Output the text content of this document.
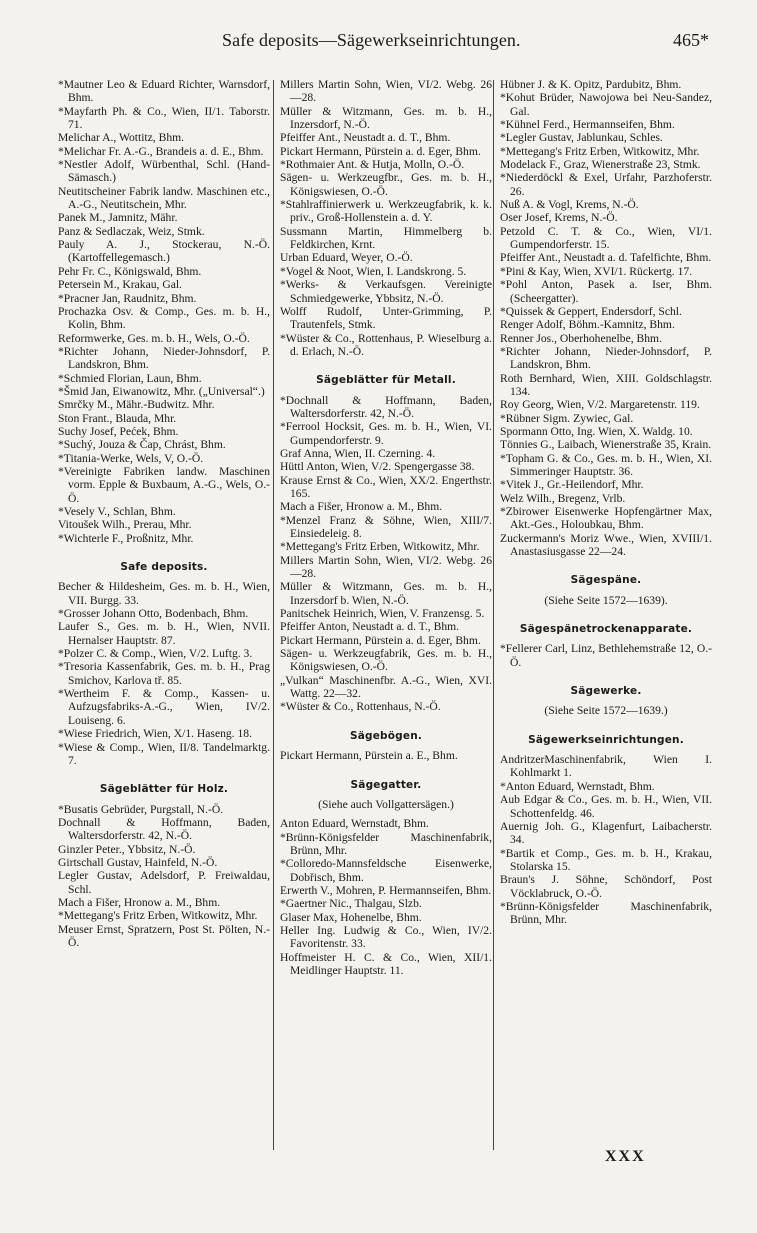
Safe deposits—Sägewerkseinrichtungen.	465*
*Mautner Leo & Eduard Richter, Warnsdorf, Bhm.
*Mayfarth Ph. & Co., Wien, II/1. Taborstr. 71.
Melichar A., Wottitz, Bhm.
*Melichar Fr. A.-G., Brandeis a. d. E., Bhm.
*Nestler Adolf, Würbenthal, Schl. (Hand-Sämasch.)
Neutitscheiner Fabrik landw. Maschinen etc., A.-G., Neutitschein, Mhr.
Panek M., Jamnitz, Mähr.
Panz & Sedlaczak, Weiz, Stmk.
Pauly A. J., Stockerau, N.-Ö. (Kartoffellegemasch.)
Pehr Fr. C., Königswald, Bhm.
Petersein M., Krakau, Gal.
*Pracner Jan, Raudnitz, Bhm.
Prochazka Osv. & Comp., Ges. m. b. H., Kolin, Bhm.
Reformwerke, Ges. m. b. H., Wels, O.-Ö.
*Richter Johann, Nieder-Johnsdorf, P. Landskron, Bhm.
*Schmied Florian, Laun, Bhm.
*Šmid Jan, Eiwanowitz, Mhr. („Universal“.)
Smrčky M., Mähr.-Budwitz. Mhr.
Ston Frant., Blauda, Mhr.
Suchy Josef, Pećek, Bhm.
*Suchý, Jouza & Čap, Chrást, Bhm.
*Titania-Werke, Wels, V, O.-Ö.
*Vereinigte Fabriken landw. Maschinen vorm. Epple & Buxbaum, A.-G., Wels, O.-Ö.
*Vesely V., Schlan, Bhm.
Vitoušek Wilh., Prerau, Mhr.
*Wichterle F., Proßnitz, Mhr.
Safe deposits.
Becher & Hildesheim, Ges. m. b. H., Wien, VII. Burgg. 33.
*Grosser Johann Otto, Bodenbach, Bhm.
Laufer S., Ges. m. b. H., Wien, NVII. Hernalser Hauptstr. 87.
*Polzer C. & Comp., Wien, V/2. Luftg. 3.
*Tresoria Kassenfabrik, Ges. m. b. H., Prag Smichov, Karlova tř. 85.
*Wertheim F. & Comp., Kassen- u. Aufzugsfabriks-A.-G., Wien, IV/2. Louiseng. 6.
*Wiese Friedrich, Wien, X/1. Haseng. 18.
*Wiese & Comp., Wien, II/8. Tandelmarktg. 7.
Sägeblätter für Holz.
*Busatis Gebrüder, Purgstall, N.-Ö.
Dochnall & Hoffmann, Baden, Waltersdorferstr. 42, N.-Ö.
Ginzler Peter., Ybbsitz, N.-Ö.
Girtschall Gustav, Hainfeld, N.-Ö.
Legler Gustav, Adelsdorf, P. Freiwaldau, Schl.
Mach a Fišer, Hronow a. M., Bhm.
*Mettegang's Fritz Erben, Witkowitz, Mhr.
Meuser Ernst, Spratzern, Post St. Pölten, N.-Ö.
Millers Martin Sohn, Wien, VI/2. Webg. 26—28.
Müller & Witzmann, Ges. m. b. H., Inzersdorf, N.-Ö.
Pfeiffer Ant., Neustadt a. d. T., Bhm.
Pickart Hermann, Pürstein a. d. Eger, Bhm.
*Rothmaier Ant. & Hutja, Molln, O.-Ö.
Sägen- u. Werkzeugfbr., Ges. m. b. H., Königswiesen, O.-Ö.
*Stahlraffinierwerk u. Werkzeugfabrik, k. k. priv., Groß-Hollenstein a. d. Y.
Sussmann Martin, Himmelberg b. Feldkirchen, Krnt.
Urban Eduard, Weyer, O.-Ö.
*Vogel & Noot, Wien, I. Landskrong. 5.
*Werks- & Verkaufsgen. Vereinigte Schmiedgewerke, Ybbsitz, N.-Ö.
Wolff Rudolf, Unter-Grimming, P. Trautenfels, Stmk.
*Wüster & Co., Rottenhaus, P. Wieselburg a. d. Erlach, N.-Ö.
Sägeblätter für Metall.
*Dochnall & Hoffmann, Baden, Waltersdorferstr. 42, N.-Ö.
*Ferrool Hocksit, Ges. m. b. H., Wien, VI. Gumpendorferstr. 9.
Graf Anna, Wien, II. Czerning. 4.
Hüttl Anton, Wien, V/2. Spengergasse 38.
Krause Ernst & Co., Wien, XX/2. Engerthstr. 165.
Mach a Fišer, Hronow a. M., Bhm.
*Menzel Franz & Söhne, Wien, XIII/7. Einsiedeleig. 8.
*Mettegang's Fritz Erben, Witkowitz, Mhr.
Millers Martin Sohn, Wien, VI/2. Webg. 26—28.
Müller & Witzmann, Ges. m. b. H., Inzersdorf b. Wien, N.-Ö.
Panitschek Heinrich, Wien, V. Franzensg. 5.
Pfeiffer Anton, Neustadt a. d. T., Bhm.
Pickart Hermann, Pürstein a. d. Eger, Bhm.
Sägen- u. Werkzeugfabrik, Ges. m. b. H., Königswiesen, O.-Ö.
„Vulkan“ Maschinenfbr. A.-G., Wien, XVI. Wattg. 22—32.
*Wüster & Co., Rottenhaus, N.-Ö.
Sägebögen.
Pickart Hermann, Pürstein a. E., Bhm.
Sägegatter.
(Siehe auch Vollgattersägen.)
Anton Eduard, Wernstadt, Bhm.
*Brünn-Königsfelder Maschinenfabrik, Brünn, Mhr.
*Colloredo-Mannsfeldsche Eisenwerke, Dobřisch, Bhm.
Erwerth V., Mohren, P. Hermannseifen, Bhm.
*Gaertner Nic., Thalgau, Slzb.
Glaser Max, Hohenelbe, Bhm.
Heller Ing. Ludwig & Co., Wien, IV/2. Favoritenstr. 33.
Hoffmeister H. C. & Co., Wien, XII/1. Meidlinger Hauptstr. 11.
Hübner J. & K. Opitz, Pardubitz, Bhm.
*Kohut Brüder, Nawojowa bei Neu-Sandez, Gal.
*Kühnel Ferd., Hermannseifen, Bhm.
*Legler Gustav, Jablunkau, Schles.
*Mettegang's Fritz Erben, Witkowitz, Mhr.
Modelack F., Graz, Wienerstraße 23, Stmk.
*Niederdöckl & Exel, Urfahr, Parzhoferstr. 26.
Nuß A. & Vogl, Krems, N.-Ö.
Oser Josef, Krems, N.-Ö.
Petzold C. T. & Co., Wien, VI/1. Gumpendorferstr. 15.
Pfeiffer Ant., Neustadt a. d. Tafelfichte, Bhm.
*Pini & Kay, Wien, XVI/1. Rückertg. 17.
*Pohl Anton, Pasek a. Iser, Bhm. (Scheergatter).
*Quissek & Geppert, Endersdorf, Schl.
Renger Adolf, Böhm.-Kamnitz, Bhm.
Renner Jos., Oberhohenelbe, Bhm.
*Richter Johann, Nieder-Johnsdorf, P. Landskron, Bhm.
Roth Bernhard, Wien, XIII. Goldschlagstr. 134.
Roy Georg, Wien, V/2. Margaretenstr. 119.
*Rübner Sigm. Zywiec, Gal.
Spormann Otto, Ing. Wien, X. Waldg. 10.
Tönnies G., Laibach, Wienerstraße 35, Krain.
*Topham G. & Co., Ges. m. b. H., Wien, XI. Simmeringer Hauptstr. 36.
*Vitek J., Gr.-Heilendorf, Mhr.
Welz Wilh., Bregenz, Vrlb.
*Zbirower Eisenwerke Hopfengärtner Max, Akt.-Ges., Holoubkau, Bhm.
Zuckermann's Moriz Wwe., Wien, XVIII/1. Anastasiusgasse 22—24.
Sägespäne.
(Siehe Seite 1572—1639).
Sägespänetrockenapparate.
*Fellerer Carl, Linz, Bethlehemstraße 12, O.-Ö.
Sägewerke.
(Siehe Seite 1572—1639.)
Sägewerkseinrichtungen.
AndritzerMaschinenfabrik, Wien I. Kohlmarkt 1.
*Anton Eduard, Wernstadt, Bhm.
Aub Edgar & Co., Ges. m. b. H., Wien, VII. Schottenfeldg. 46.
Auernig Joh. G., Klagenfurt, Laibacherstr. 34.
*Bartik et Comp., Ges. m. b. H., Krakau, Stolarska 15.
Braun's J. Söhne, Schöndorf, Post Vöcklabruck, O.-Ö.
*Brünn-Königsfelder Maschinenfabrik, Brünn, Mhr.
XXX
